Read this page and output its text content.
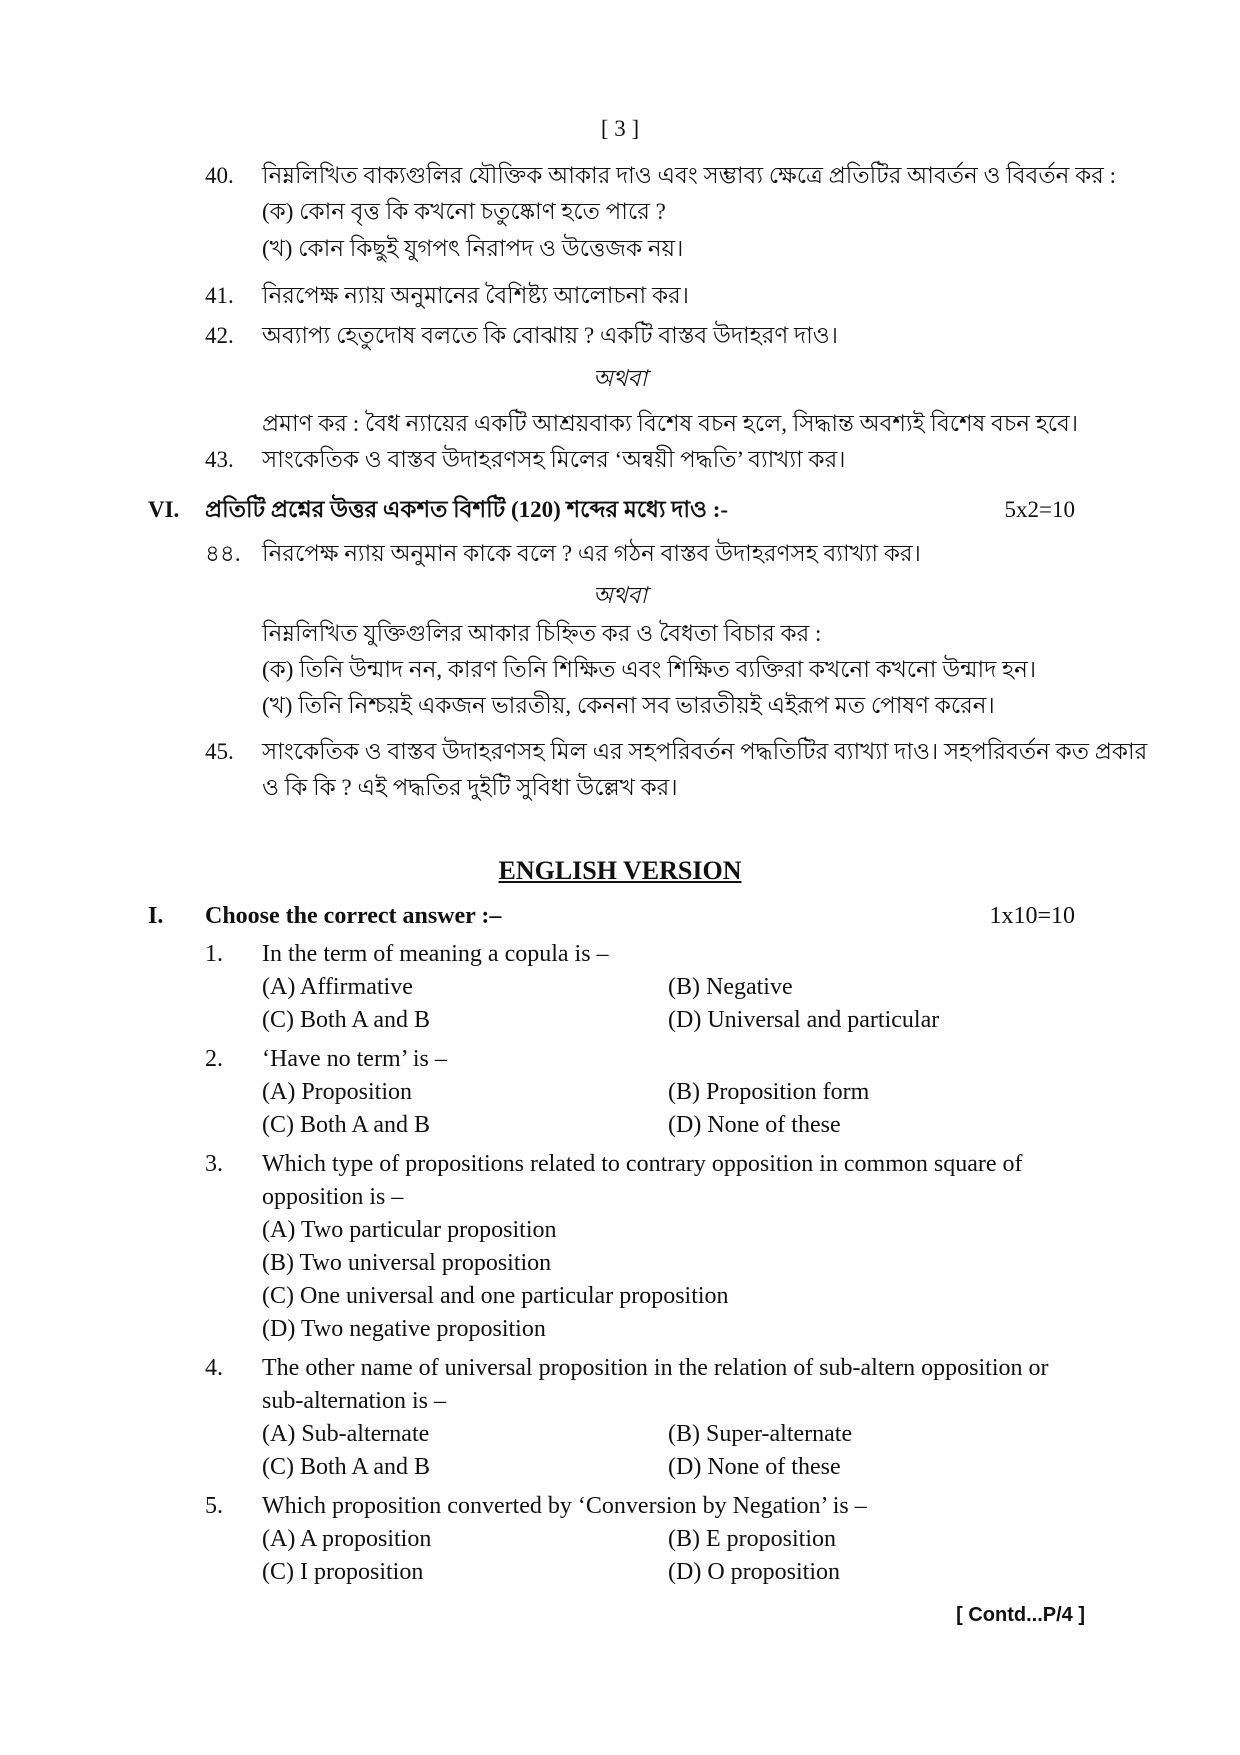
[ 3 ]
40. নিম্নলিখিত বাক্যগুলির যৌক্তিক আকার দাও এবং সম্ভাব্য ক্ষেত্রে প্রতিটির আবর্তন ও বিবর্তন কর :
(ক) কোন বৃত্ত কি কখনো চতুষ্কোণ হতে পারে ?
(খ) কোন কিছুই যুগপৎ নিরাপদ ও উত্তেজক নয়।
41. নিরপেক্ষ ন্যায় অনুমানের বৈশিষ্ট্য আলোচনা কর।
42. অব্যাপ্য হেতুদোষ বলতে কি বোঝায় ? একটি বাস্তব উদাহরণ দাও।
অথবা
প্রমাণ কর : বৈধ ন্যায়ের একটি আশ্রয়বাক্য বিশেষ বচন হলে, সিদ্ধান্ত অবশ্যই বিশেষ বচন হবে।
43. সাংকেতিক ও বাস্তব উদাহরণসহ মিলের ‘অন্বয়ী পদ্ধতি’ ব্যাখ্যা কর।
VI. প্রতিটি প্রশ্নের উত্তর একশত বিশটি (120) শব্দের মধ্যে দাও :-	5x2=10
৪৪. নিরপেক্ষ ন্যায় অনুমান কাকে বলে ? এর গঠন বাস্তব উদাহরণসহ ব্যাখ্যা কর।
অথবা
নিম্নলিখিত যুক্তিগুলির আকার চিহ্নিত কর ও বৈধতা বিচার কর :
(ক) তিনি উন্মাদ নন, কারণ তিনি শিক্ষিত এবং শিক্ষিত ব্যক্তিরা কখনো কখনো উন্মাদ হন।
(খ) তিনি নিশ্চয়ই একজন ভারতীয়, কেননা সব ভারতীয়ই এইরূপ মত পোষণ করেন।
45. সাংকেতিক ও বাস্তব উদাহরণসহ মিল এর সহপরিবর্তন পদ্ধতিটির ব্যাখ্যা দাও। সহপরিবর্তন কত প্রকার
ও কি কি ? এই পদ্ধতির দুইটি সুবিধা উল্লেখ কর।
ENGLISH VERSION
I. Choose the correct answer :–	1x10=10
1. In the term of meaning a copula is –
(A) Affirmative	(B) Negative
(C) Both A and B	(D) Universal and particular
2. ‘Have no term’ is –
(A) Proposition	(B) Proposition form
(C) Both A and B	(D) None of these
3. Which type of propositions related to contrary opposition in common square of
opposition is –
(A) Two particular proposition
(B) Two universal proposition
(C) One universal and one particular proposition
(D) Two negative proposition
4. The other name of universal proposition in the relation of sub-altern opposition or
sub-alternation is –
(A) Sub-alternate	(B) Super-alternate
(C) Both A and B	(D) None of these
5. Which proposition converted by ‘Conversion by Negation’ is –
(A) A proposition	(B) E proposition
(C) I proposition	(D) O proposition
[ Contd...P/4 ]
